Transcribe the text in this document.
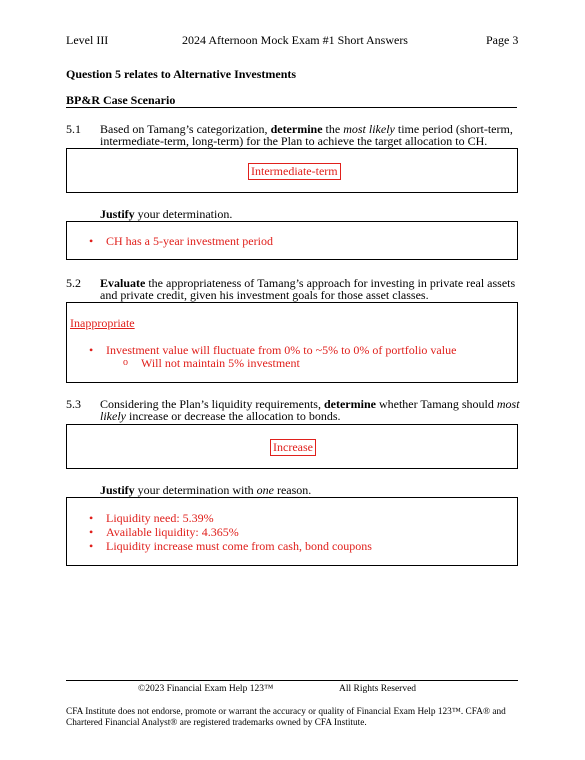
Level III	2024 Afternoon Mock Exam #1 Short Answers	Page 3
Question 5 relates to Alternative Investments
BP&R Case Scenario
5.1 Based on Tamang’s categorization, determine the most likely time period (short-term,
intermediate-term, long-term) for the Plan to achieve the target allocation to CH.
Intermediate-term
Justify your determination.
• CH has a 5-year investment period
5.2 Evaluate the appropriateness of Tamang’s approach for investing in private real assets
and private credit, given his investment goals for those asset classes.
Inappropriate
• Investment value will fluctuate from 0% to ~5% to 0% of portfolio value
o Will not maintain 5% investment
5.3 Considering the Plan’s liquidity requirements, determine whether Tamang should most
likely increase or decrease the allocation to bonds.
Increase
Justify your determination with one reason.
• Liquidity need: 5.39%
• Available liquidity: 4.365%
• Liquidity increase must come from cash, bond coupons
©2023 Financial Exam Help 123™	All Rights Reserved
CFA Institute does not endorse, promote or warrant the accuracy or quality of Financial Exam Help 123™. CFA® and
Chartered Financial Analyst® are registered trademarks owned by CFA Institute.
